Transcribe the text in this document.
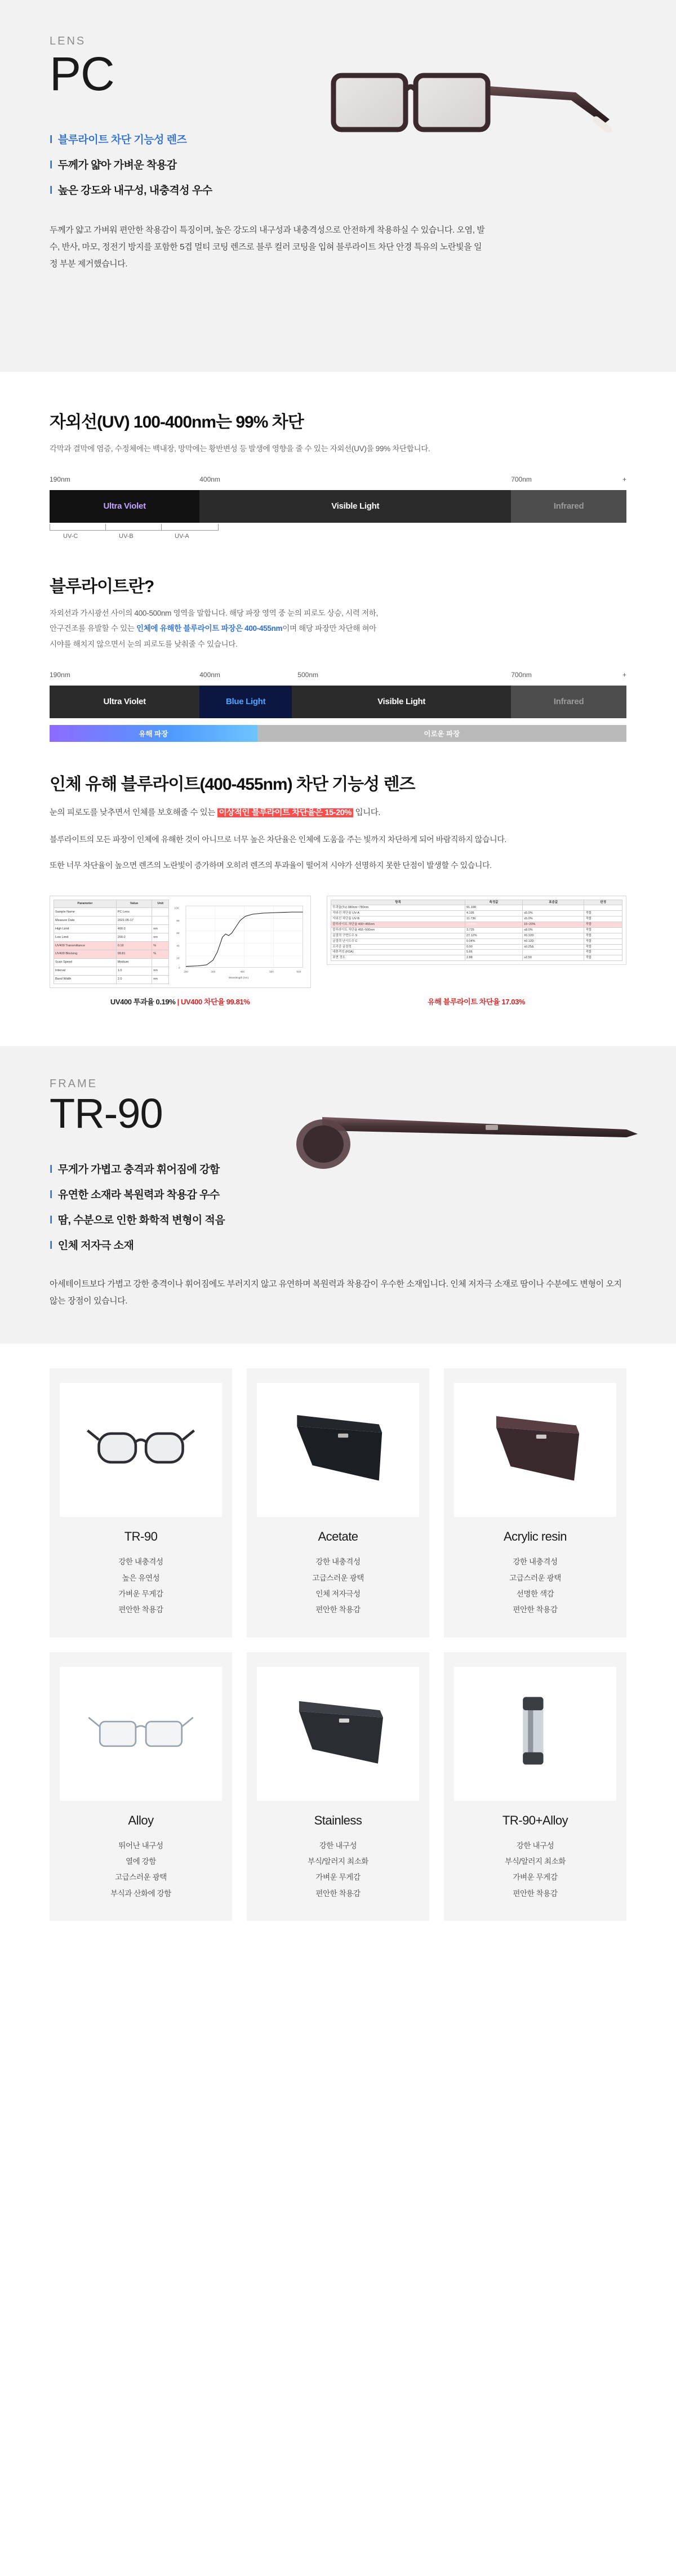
LENS
PC
l 블루라이트 차단 기능성 렌즈
l 두께가 얇아 가벼운 착용감
l 높은 강도와 내구성, 내충격성 우수

두께가 얇고 가벼워 편안한 착용감이 특징이며, 높은 강도의 내구성과 내충격성으로 안전하게 착용하실 수 있습니다. 오염, 발수, 반사, 마모, 정전기 방지를 포함한 5겹 멀티 코팅 렌즈로 블루 컬러 코팅을 입혀 블루라이트 차단 안경 특유의 노란빛을 일정 부분 제거했습니다.

자외선(UV) 100-400nm는 99% 차단

각막과 결막에 염증, 수정체에는 백내장, 망막에는 황반변성 등 발생에 영향을 줄 수 있는 자외선(UV)을 99% 차단합니다.

190nm	400nm	700nm	+
Ultra Violet	Visible Light	Infrared
UV-C	UV-B	UV-A
블루라이트란?

자외선과 가시광선 사이의 400-500nm 영역을 말합니다. 해당 파장 영역 중 눈의 피로도 상승, 시력 저하,

안구건조를 유발할 수 있는 인체에 유해한 블루라이트 파장은 400-455nm이며 해당 파장만 차단해 혀아

시야를 해치지 않으면서 눈의 피로도를 낮춰줄 수 있습니다.

190nm	400nm	500nm	700nm	+
Ultra Violet	Blue Light	Visible Light	Infrared
유해 파장	이로운 파장
인체 유해 블루라이트(400-455nm) 차단 기능성 렌즈

눈의 피로도를 낮추면서 인체를 보호해줄 수 있는 이상적인 블루라이트 차단율은 15-20% 입니다.

블루라이트의 모든 파장이 인체에 유해한 것이 아니므로 너무 높은 차단율은 인체에 도움을 주는 빛까지 차단하게 되어 바람직하지 않습니다.

또한 너무 차단율이 높으면 렌즈의 노란빛이 증가하며 오히려 렌즈의 투과율이 떨어져 시야가 선명하지 못한 단점이 발생할 수 있습니다.

Parameter	Value	Unit
Sample Name	PC Lens	
Measure Date	2021-05-17	
High Limit	400.0	nm
Low Limit	200.0	nm
UV400 Transmittance	0.19	%
UV400 Blocking	99.81	%
Scan Speed	Medium	
Interval	1.0	nm
Band Width	2.0	nm
100
80
60
40
20
0
200	300	400	500	600
Wavelength (nm)
항목	측정값	표준값	판정
투과율(Tv) 380nm~780nm	91.198		
자외선 차단율 UV-A	4.195	≤5.0%	적합
자외선 차단율 UV-B	11.736	≤5.0%	적합
블루라이트 차단율 400~455nm	17.031	15~20%	적합
블루라이트 차단율 455~500nm	3.725	≤8.0%	적합
굴절력 구면도수 S	27.12%	±0.12D	적합
굴절력 난시도수 C	0.04%	±0.12D	적합
프리즘 굴절력	0.00	≤0.25Δ	적합
내충격성 (FDA)	5.66		적합
표면 경도	2.88	≥2.50	적합
UV400 투과율 0.19% | UV400 차단율 99.81%	유해 블루라이트 차단율 17.03%
FRAME
TR-90
l 무게가 가볍고 충격과 휘어짐에 강함
l 유연한 소재라 복원력과 착용감 우수
l 땀, 수분으로 인한 화학적 변형이 적음
l 인체 저자극 소재

아세테이트보다 가볍고 강한 충격이나 휘어짐에도 부러지지 않고 유연하며 복원력과 착용감이 우수한 소재입니다. 인체 저자극 소재로 땀이나 수분에도 변형이 오지 않는 장점이 있습니다.

TR-90
강한 내충격성
높은 유연성
가벼운 무게감
편안한 착용감
Acetate
강한 내충격성
고급스러운 광택
인체 저자극성
편안한 착용감
Acrylic resin
강한 내충격성
고급스러운 광택
선명한 색감
편안한 착용감
Alloy
뛰어난 내구성
열에 강함
고급스러운 광택
부식과 산화에 강함
Stainless
강한 내구성
부식/알러지 최소화
가벼운 무게감
편안한 착용감
TR-90+Alloy
강한 내구성
부식/알러지 최소화
가벼운 무게감
편안한 착용감
